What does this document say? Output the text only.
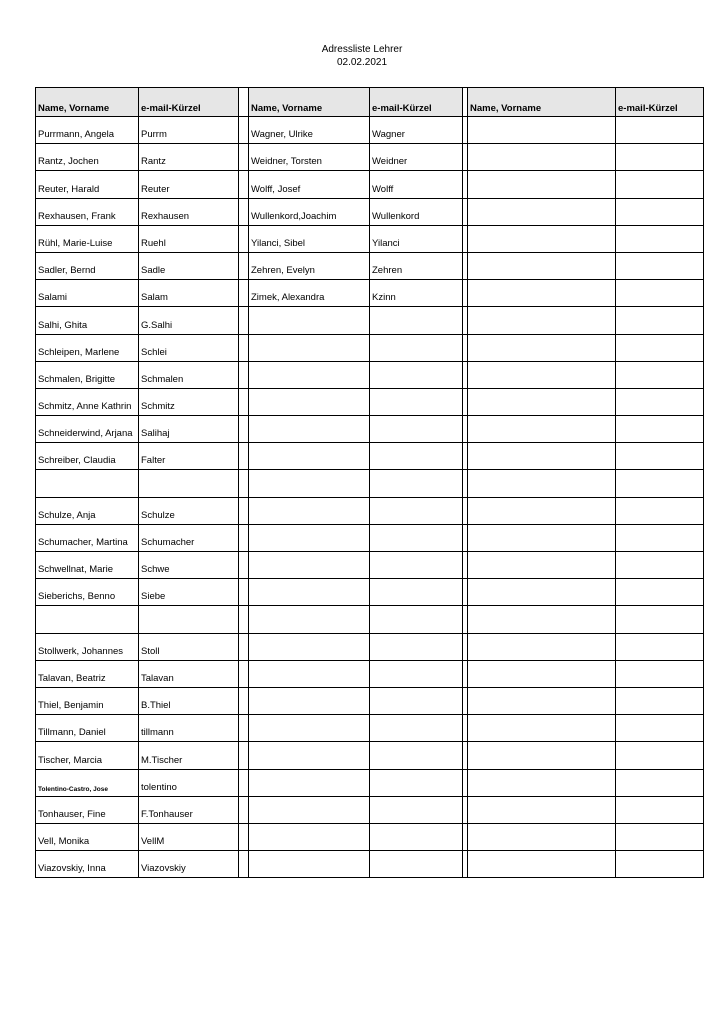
Adressliste Lehrer
02.02.2021
Name, Vorname	e-mail-Kürzel		Name, Vorname	e-mail-Kürzel		Name, Vorname	e-mail-Kürzel
Purrmann, Angela	Purrm		Wagner, Ulrike	Wagner			
Rantz, Jochen	Rantz		Weidner, Torsten	Weidner			
Reuter, Harald	Reuter		Wolff, Josef	Wolff			
Rexhausen, Frank	Rexhausen		Wullenkord,Joachim	Wullenkord			
Rühl, Marie-Luise	Ruehl		Yilanci, Sibel	Yilanci			
Sadler, Bernd	Sadle		Zehren, Evelyn	Zehren			
Salami	Salam		Zimek, Alexandra	Kzinn			
Salhi, Ghita	G.Salhi						
Schleipen, Marlene	Schlei						
Schmalen, Brigitte	Schmalen						
Schmitz, Anne Kathrin	Schmitz						
Schneiderwind, Arjana	Salihaj						
Schreiber, Claudia	Falter						

Schulze, Anja	Schulze						
Schumacher, Martina	Schumacher						
Schwellnat, Marie	Schwe						
Sieberichs, Benno	Siebe						

Stollwerk, Johannes	Stoll						
Talavan, Beatriz	Talavan						
Thiel, Benjamin	B.Thiel						
Tillmann, Daniel	tillmann						
Tischer, Marcia	M.Tischer						
Tolentino-Castro, Jose	tolentino						
Tonhauser, Fine	F.Tonhauser						
Vell, Monika	VellM						
Viazovskiy, Inna	Viazovskiy						
